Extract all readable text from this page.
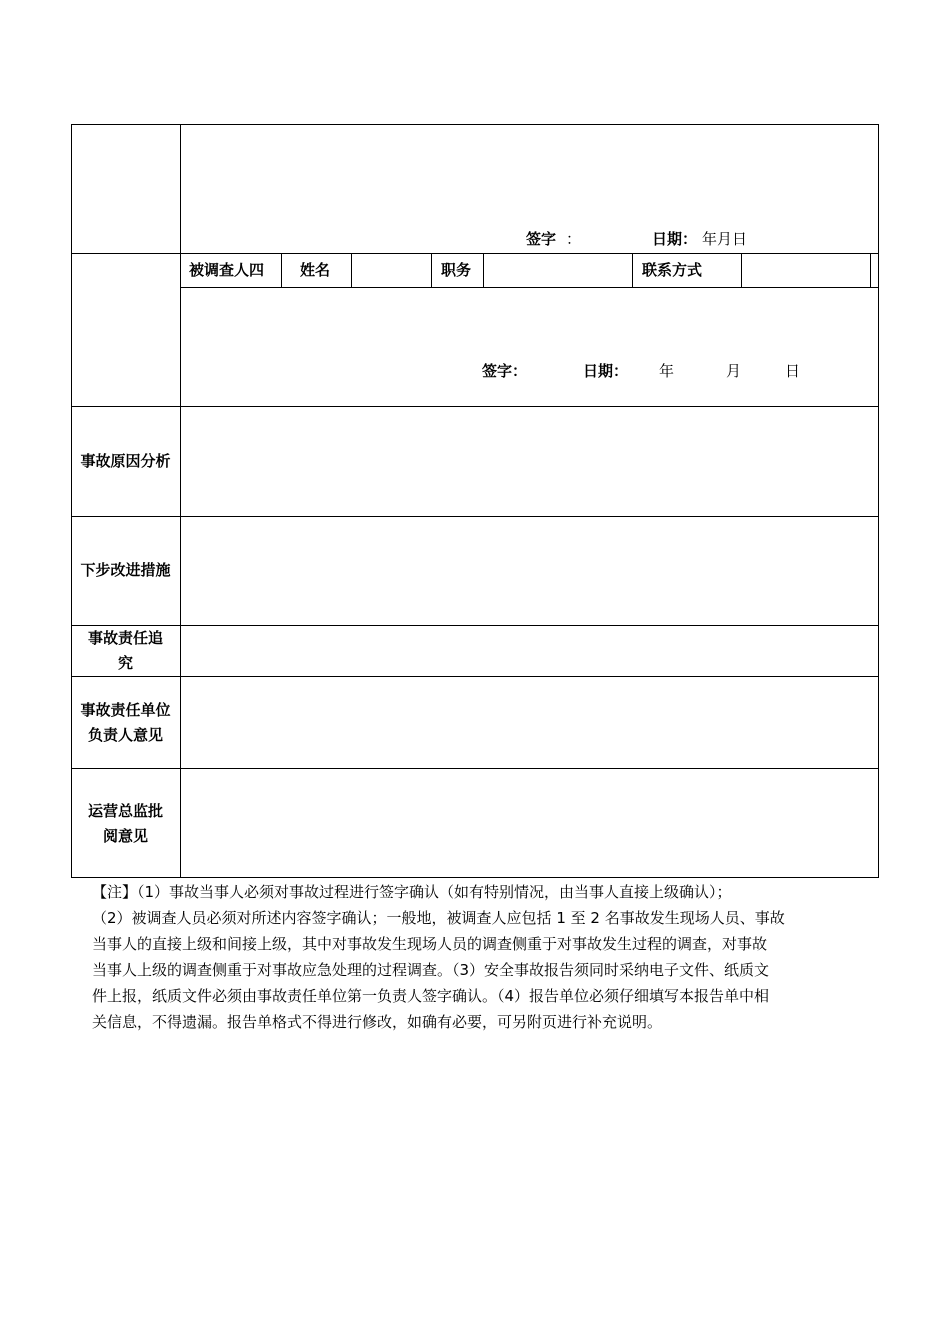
签字 ：	日期： 年月日
被调查人四 姓名	职务	联系方式
签字：	日期： 年	月	日
事故原因分析
下步改进措施
事故责任追
究
事故责任单位
负责人意见
运营总监批
阅意见

【注】（1）事故当事人必须对事故过程进行签字确认（如有特别情况，由当事人直接上级确认）；

（2）被调查人员必须对所述内容签字确认；一般地，被调查人应包括 1 至 2 名事故发生现场人员、事故

当事人的直接上级和间接上级，其中对事故发生现场人员的调查侧重于对事故发生过程的调查，对事故

当事人上级的调查侧重于对事故应急处理的过程调查。（3）安全事故报告须同时采纳电子文件、纸质文

件上报，纸质文件必须由事故责任单位第一负责人签字确认。（4）报告单位必须仔细填写本报告单中相

关信息，不得遗漏。报告单格式不得进行修改，如确有必要，可另附页进行补充说明。
